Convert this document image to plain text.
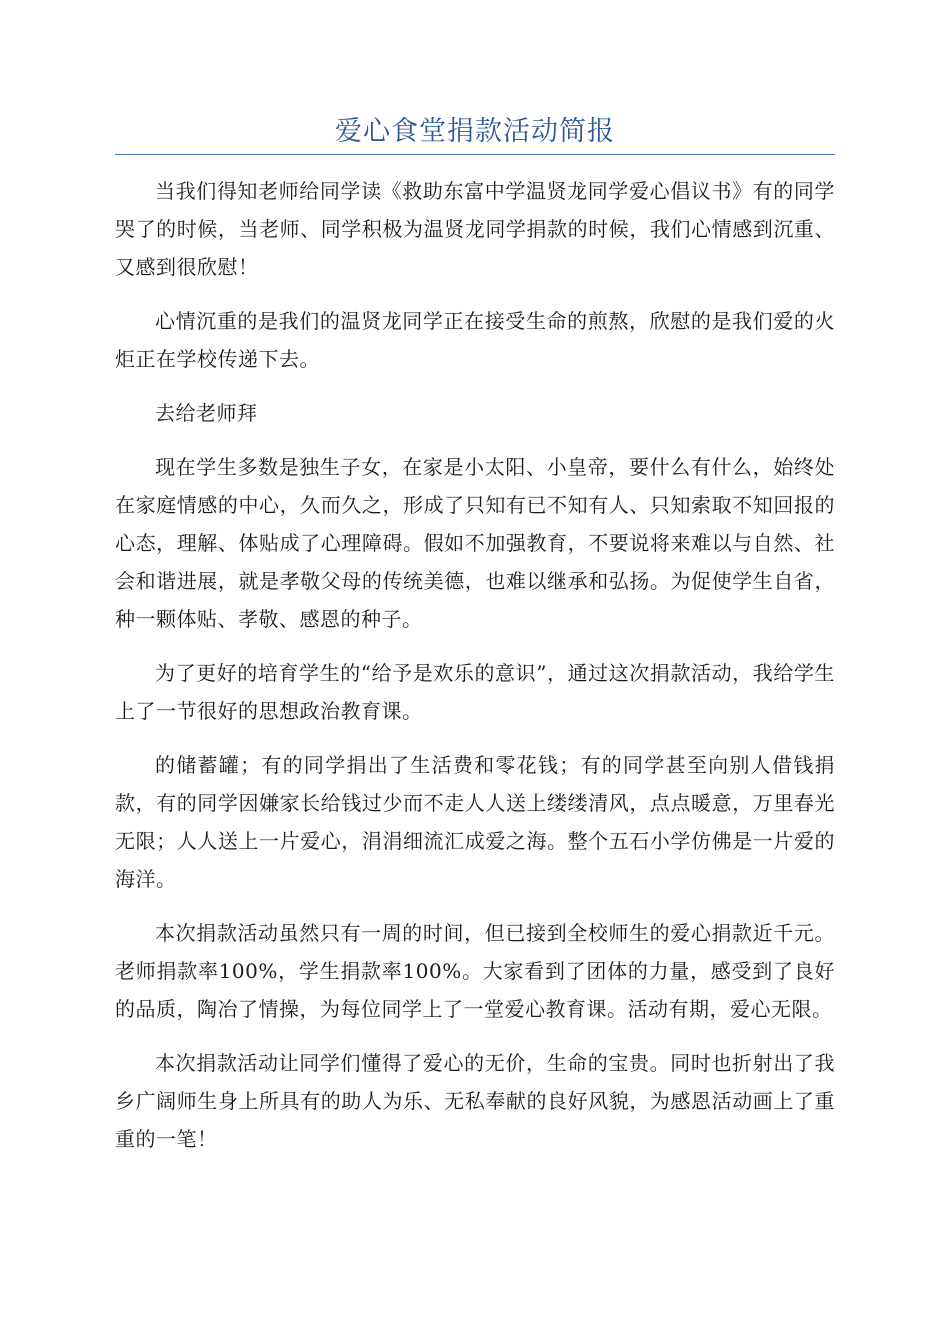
爱心食堂捐款活动简报

当我们得知老师给同学读《救助东富中学温贤龙同学爱心倡议书》有的同学哭了的时候，当老师、同学积极为温贤龙同学捐款的时候，我们心情感到沉重、又感到很欣慰！

心情沉重的是我们的温贤龙同学正在接受生命的煎熬，欣慰的是我们爱的火炬正在学校传递下去。

去给老师拜

现在学生多数是独生子女，在家是小太阳、小皇帝，要什么有什么，始终处在家庭情感的中心，久而久之，形成了只知有已不知有人、只知索取不知回报的心态，理解、体贴成了心理障碍。假如不加强教育，不要说将来难以与自然、社会和谐进展，就是孝敬父母的传统美德，也难以继承和弘扬。为促使学生自省，种一颗体贴、孝敬、感恩的种子。

为了更好的培育学生的“给予是欢乐的意识”，通过这次捐款活动，我给学生上了一节很好的思想政治教育课。

的储蓄罐；有的同学捐出了生活费和零花钱；有的同学甚至向别人借钱捐款，有的同学因嫌家长给钱过少而不走人人送上缕缕清风，点点暖意，万里春光无限；人人送上一片爱心，涓涓细流汇成爱之海。整个五石小学仿佛是一片爱的海洋。

本次捐款活动虽然只有一周的时间，但已接到全校师生的爱心捐款近千元。老师捐款率100%，学生捐款率100%。大家看到了团体的力量，感受到了良好的品质，陶冶了情操，为每位同学上了一堂爱心教育课。活动有期，爱心无限。

本次捐款活动让同学们懂得了爱心的无价，生命的宝贵。同时也折射出了我乡广阔师生身上所具有的助人为乐、无私奉献的良好风貌，为感恩活动画上了重重的一笔！
